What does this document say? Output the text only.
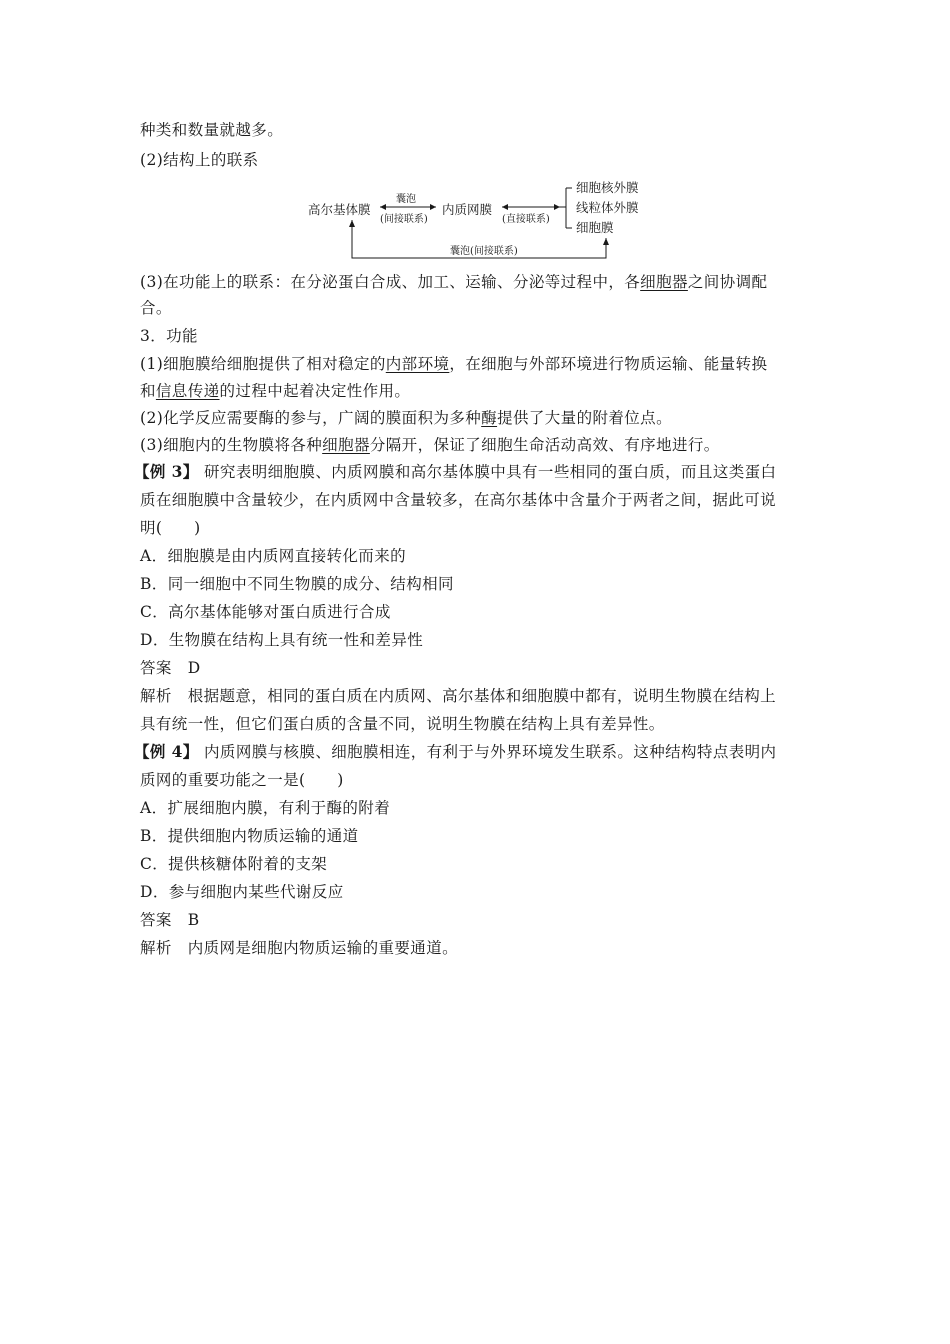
种类和数量就越多。
(2)结构上的联系
高尔基体膜
囊泡
(间接联系)
内质网膜
(直接联系)
细胞核外膜
线粒体外膜
细胞膜
囊泡(间接联系)
(3)在功能上的联系：在分泌蛋白合成、加工、运输、分泌等过程中，各细胞器之间协调配
合。
3．功能
(1)细胞膜给细胞提供了相对稳定的内部环境，在细胞与外部环境进行物质运输、能量转换
和信息传递的过程中起着决定性作用。
(2)化学反应需要酶的参与，广阔的膜面积为多种酶提供了大量的附着位点。
(3)细胞内的生物膜将各种细胞器分隔开，保证了细胞生命活动高效、有序地进行。
【例 3】 研究表明细胞膜、内质网膜和高尔基体膜中具有一些相同的蛋白质，而且这类蛋白
质在细胞膜中含量较少，在内质网中含量较多，在高尔基体中含量介于两者之间，据此可说
明(　　)
A．细胞膜是由内质网直接转化而来的
B．同一细胞中不同生物膜的成分、结构相同
C．高尔基体能够对蛋白质进行合成
D．生物膜在结构上具有统一性和差异性
答案　D
解析　根据题意，相同的蛋白质在内质网、高尔基体和细胞膜中都有，说明生物膜在结构上
具有统一性，但它们蛋白质的含量不同，说明生物膜在结构上具有差异性。
【例 4】 内质网膜与核膜、细胞膜相连，有利于与外界环境发生联系。这种结构特点表明内
质网的重要功能之一是(　　)
A．扩展细胞内膜，有利于酶的附着
B．提供细胞内物质运输的通道
C．提供核糖体附着的支架
D．参与细胞内某些代谢反应
答案　B
解析　内质网是细胞内物质运输的重要通道。
